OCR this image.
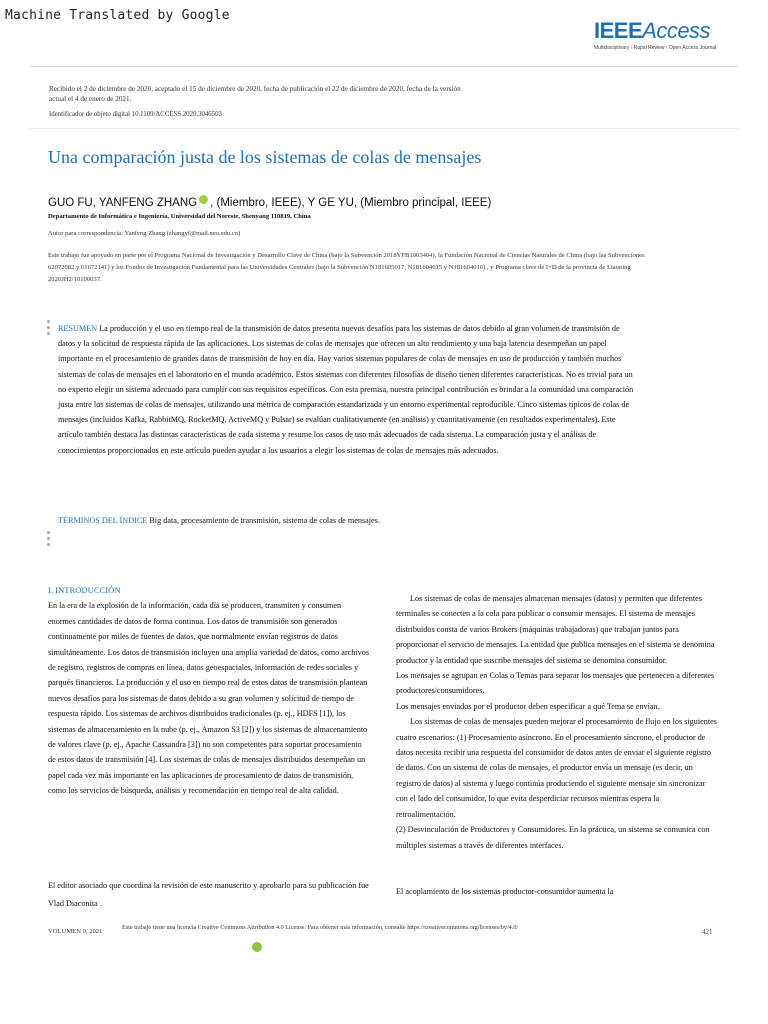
Machine Translated by Google
IEEEAccess
Multidisciplinary ⁝ Rapid Review ⁝ Open Access Journal
Recibido el 2 de diciembre de 2020, aceptado el 15 de diciembre de 2020, fecha de publicación el 22 de diciembre de 2020, fecha de la versión actual el 4 de enero de 2021.
Identificador de objeto digital 10.1109/ACCESS.2020.3046503
Una comparación justa de los sistemas de colas de mensajes
GUO FU, YANFENG ZHANG , (Miembro, IEEE), Y GE YU, (Miembro principal, IEEE)
Departamento de Informática e Ingeniería, Universidad del Noreste, Shenyang 110819, China
Autor para correspondencia: Yanfeng Zhang (zhangyf@mail.neu.edu.cn)
Este trabajo fue apoyado en parte por el Programa Nacional de Investigación y Desarrollo Clave de China (bajo la Subvención 2018YFB1003404), la Fundación Nacional de Ciencias Naturales de China (bajo las Subvenciones 62072082 y 61672141) y los Fondos de Investigación Fundamental para las Universidades Centrales (bajo la Subvención N181605017, N181604015 y N181604016) , y Programa clave de I+D de la provincia de Liaoning 2020JH2/10100037.
RESUMEN La producción y el uso en tiempo real de la transmisión de datos presenta nuevos desafíos para los sistemas de datos debido al gran volumen de transmisión de datos y la solicitud de respuesta rápida de las aplicaciones. Los sistemas de colas de mensajes que ofrecen un alto rendimiento y una baja latencia desempeñan un papel importante en el procesamiento de grandes datos de transmisión de hoy en día. Hay varios sistemas populares de colas de mensajes en uso de producción y también muchos sistemas de colas de mensajes en el laboratorio en el mundo académico. Estos sistemas con diferentes filosofías de diseño tienen diferentes características. No es trivial para un no experto elegir un sistema adecuado para cumplir con sus requisitos específicos. Con esta premisa, nuestra principal contribución es brindar a la comunidad una comparación justa entre los sistemas de colas de mensajes, utilizando una métrica de comparación estandarizada y un entorno experimental reproducible. Cinco sistemas típicos de colas de mensajes (incluidos Kafka, RabbitMQ, RocketMQ, ActiveMQ y Pulsar) se evalúan cualitativamente (en análisis) y cuantitativamente (en resultados experimentales). Este artículo también destaca las distintas características de cada sistema y resume los casos de uso más adecuados de cada sistema. La comparación justa y el análisis de conocimientos proporcionados en este artículo pueden ayudar a los usuarios a elegir los sistemas de colas de mensajes más adecuados.
TÉRMINOS DEL ÍNDICE Big data, procesamiento de transmisión, sistema de colas de mensajes.
I. INTRODUCCIÓN

En la era de la explosión de la información, cada día se producen, transmiten y consumen enormes cantidades de datos de forma continua. Los datos de transmisión son generados continuamente por miles de fuentes de datos, que normalmente envían registros de datos simultáneamente. Los datos de transmisión incluyen una amplia variedad de datos, como archivos de registro, registros de compras en línea, datos geoespaciales, información de redes sociales y parqués financieros. La producción y el uso en tiempo real de estos datos de transmisión plantean nuevos desafíos para los sistemas de datos debido a su gran volumen y solicitud de tiempo de respuesta rápido. Los sistemas de archivos distribuidos tradicionales (p. ej., HDFS [1]), los sistemas de almacenamiento en la nube (p. ej., Amazon S3 [2]) y los sistemas de almacenamiento de valores clave (p. ej., Apache Cassandra [3]) no son competentes para soportar procesamiento de estos datos de transmisión [4]. Los sistemas de colas de mensajes distribuidos desempeñan un papel cada vez más importante en las aplicaciones de procesamiento de datos de transmisión, como los servicios de búsqueda, análisis y recomendación en tiempo real de alta calidad.

El editor asociado que coordina la revisión de este manuscrito y aprobarlo para su publicación fue Vlad Diaconita .

Los sistemas de colas de mensajes almacenan mensajes (datos) y permiten que diferentes terminales se conecten a la cola para publicar o consumir mensajes. El sistema de mensajes distribuidos consta de varios Brokers (máquinas trabajadoras) que trabajan juntos para proporcionar el servicio de mensajes. La entidad que publica mensajes en el sistema se denomina productor y la entidad que suscribe mensajes del sistema se denomina consumidor.

Los mensajes se agrupan en Colas o Temas para separar los mensajes que pertenecen a diferentes productores/consumidores.

Los mensajes enviados por el productor deben especificar a qué Tema se envían.

Los sistemas de colas de mensajes pueden mejorar el procesamiento de flujo en los siguientes cuatro escenarios: (1) Procesamiento asíncrono. En el procesamiento síncrono, el productor de datos necesita recibir una respuesta del consumidor de datos antes de enviar el siguiente registro de datos. Con un sistema de colas de mensajes, el productor envía un mensaje (es decir, un registro de datos) al sistema y luego continúa produciendo el siguiente mensaje sin sincronizar con el lado del consumidor, lo que evita desperdiciar recursos mientras espera la retroalimentación.

(2) Desvinculación de Productores y Consumidores. En la práctica, un sistema se comunica con múltiples sistemas a través de diferentes interfaces.

El acoplamiento de los sistemas productor-consumidor aumenta la
VOLUMEN 9, 2021
Este trabajo tiene una licencia Creative Commons Attribution 4.0 License. Para obtener más información, consulte https://creativecommons.org/licenses/by/4.0/
421
